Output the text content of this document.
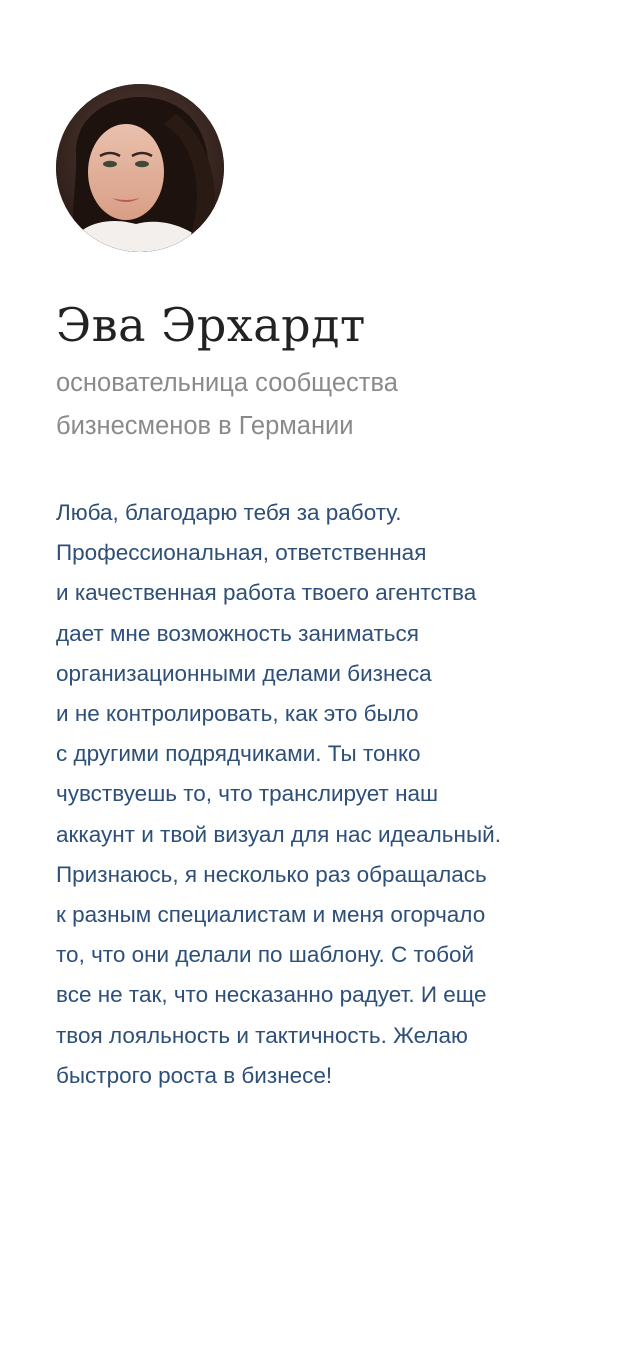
Эва Эрхардт
основательница сообщества
бизнесменов в Германии
Люба, благодарю тебя за работу.
Профессиональная, ответственная
и качественная работа твоего агентства
дает мне возможность заниматься
организационными делами бизнеса
и не контролировать, как это было
с другими подрядчиками. Ты тонко
чувствуешь то, что транслирует наш
аккаунт и твой визуал для нас идеальный.
Признаюсь, я несколько раз обращалась
к разным специалистам и меня огорчало
то, что они делали по шаблону. С тобой
все не так, что несказанно радует. И еще
твоя лояльность и тактичность. Желаю
быстрого роста в бизнесе!
